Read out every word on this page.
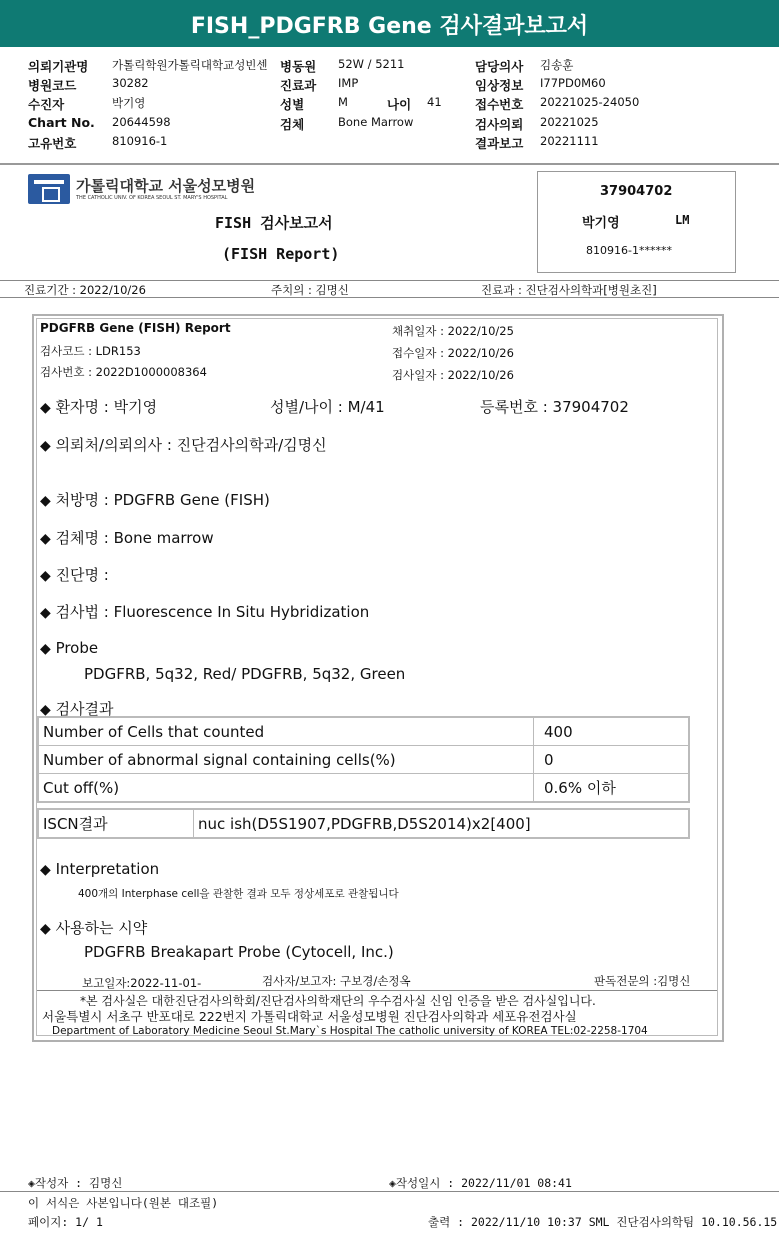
FISH_PDGFRB Gene 검사결과보고서
의뢰기관명 가톨릭학원가톨릭대학교성빈센 병동원 52W / 5211	담당의사 김송훈
병원코드	30282	진료과 IMP	임상정보 I77PD0M60
수진자	박기영	성별	M	나이 41	접수번호 20221025-24050
Chart No. 20644598	검체	Bone Marrow	검사의뢰 20221025
고유번호	810916-1	결과보고 20221111
가톨릭대학교 서울성모병원
THE CATHOLIC UNIV. OF KOREA SEOUL ST. MARY'S HOSPITAL
FISH 검사보고서
(FISH Report)
37904702
박기영	LM
810916-1******
진료기간 : 2022/10/26	주치의 : 김명신	진료과 : 진단검사의학과[병원초진]
PDGFRB Gene (FISH) Report
검사코드 : LDR153
검사번호 : 2022D1000008364
채취일자 : 2022/10/25
접수일자 : 2022/10/26
검사일자 : 2022/10/26
◆ 환자명 : 박기영	성별/나이 : M/41	등록번호 : 37904702
◆ 의뢰처/의뢰의사 : 진단검사의학과/김명신
◆ 처방명 : PDGFRB Gene (FISH)
◆ 검체명 : Bone marrow
◆ 진단명 :
◆ 검사법 : Fluorescence In Situ Hybridization
◆ Probe
PDGFRB, 5q32, Red/ PDGFRB, 5q32, Green
◆ 검사결과
Number of Cells that counted	400
Number of abnormal signal containing cells(%)	0
Cut off(%)	0.6% 이하
ISCN결과	nuc ish(D5S1907,PDGFRB,D5S2014)x2[400]
◆ Interpretation
400개의 Interphase cell을 관찰한 결과 모두 정상세포로 관찰됩니다
◆ 사용하는 시약
PDGFRB Breakapart Probe (Cytocell, Inc.)
보고일자:2022-11-01-	검사자/보고자: 구보경/손정옥	판독전문의 :김명신
*본 검사실은 대한진단검사의학회/진단검사의학재단의 우수검사실 신임 인증을 받은 검사실입니다.
서울특별시 서초구 반포대로 222번지 가톨릭대학교 서울성모병원 진단검사의학과 세포유전검사실
Department of Laboratory Medicine Seoul St.Mary`s Hospital The catholic university of KOREA TEL:02-2258-1704
◈작성자 : 김명신	◈작성일시 : 2022/11/01 08:41
이 서식은 사본입니다(원본 대조필)
페이지: 1/ 1	출력 : 2022/11/10 10:37 SML 진단검사의학팀 10.10.56.15
